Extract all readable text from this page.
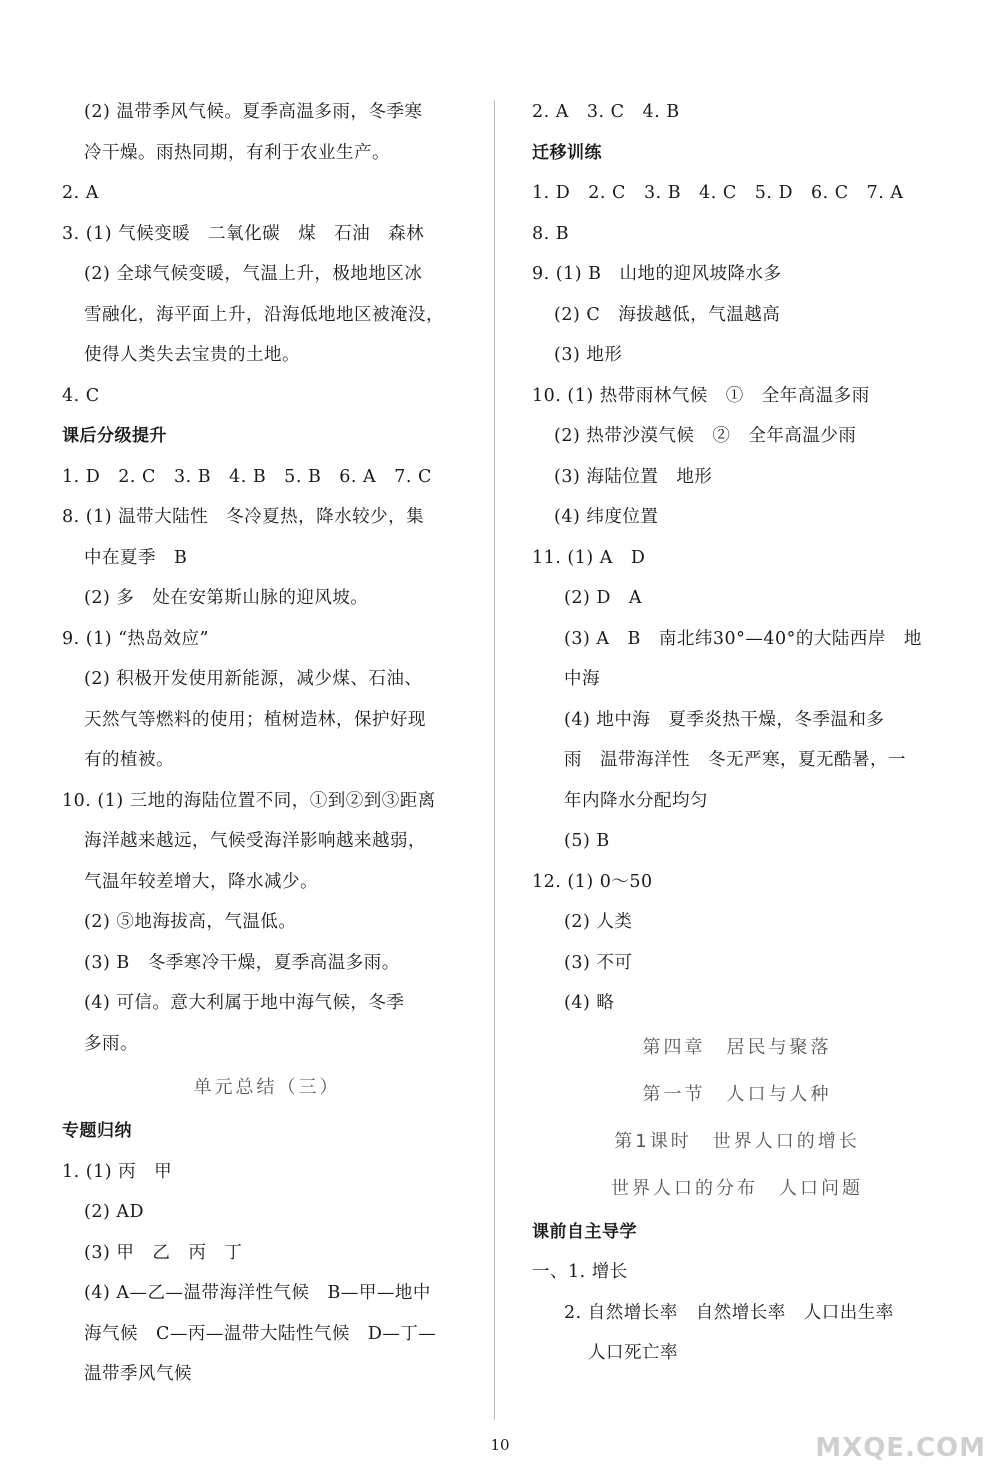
(2) 温带季风气候。夏季高温多雨，冬季寒
冷干燥。雨热同期，有利于农业生产。
2. A
3. (1) 气候变暖　二氧化碳　煤　石油　森林
(2) 全球气候变暖，气温上升，极地地区冰
雪融化，海平面上升，沿海低地地区被淹没，
使得人类失去宝贵的土地。
4. C
课后分级提升
1. D　2. C　3. B　4. B　5. B　6. A　7. C
8. (1) 温带大陆性　冬冷夏热，降水较少，集
中在夏季　B
(2) 多　处在安第斯山脉的迎风坡。
9. (1) “热岛效应”
(2) 积极开发使用新能源，减少煤、石油、
天然气等燃料的使用；植树造林，保护好现
有的植被。
10. (1) 三地的海陆位置不同，①到②到③距离
海洋越来越远，气候受海洋影响越来越弱，
气温年较差增大，降水减少。
(2) ⑤地海拔高，气温低。
(3) B　冬季寒冷干燥，夏季高温多雨。
(4) 可信。意大利属于地中海气候，冬季
多雨。
单元总结（三）
专题归纳
1. (1) 丙　甲
(2) AD
(3) 甲　乙　丙　丁
(4) A—乙—温带海洋性气候　B—甲—地中
海气候　C—丙—温带大陆性气候　D—丁—
温带季风气候
2. A　3. C　4. B
迁移训练
1. D　2. C　3. B　4. C　5. D　6. C　7. A
8. B
9. (1) B　山地的迎风坡降水多
(2) C　海拔越低，气温越高
(3) 地形
10. (1) 热带雨林气候　①　全年高温多雨
(2) 热带沙漠气候　②　全年高温少雨
(3) 海陆位置　地形
(4) 纬度位置
11. (1) A　D
(2) D　A
(3) A　B　南北纬30°—40°的大陆西岸　地
中海
(4) 地中海　夏季炎热干燥，冬季温和多
雨　温带海洋性　冬无严寒，夏无酷暑，一
年内降水分配均匀
(5) B
12. (1) 0～50
(2) 人类
(3) 不可
(4) 略
第四章　居民与聚落
第一节　人口与人种
第1课时　世界人口的增长
世界人口的分布　人口问题
课前自主导学
一、1. 增长
2. 自然增长率　自然增长率　人口出生率
人口死亡率
10	MXQE.COM
